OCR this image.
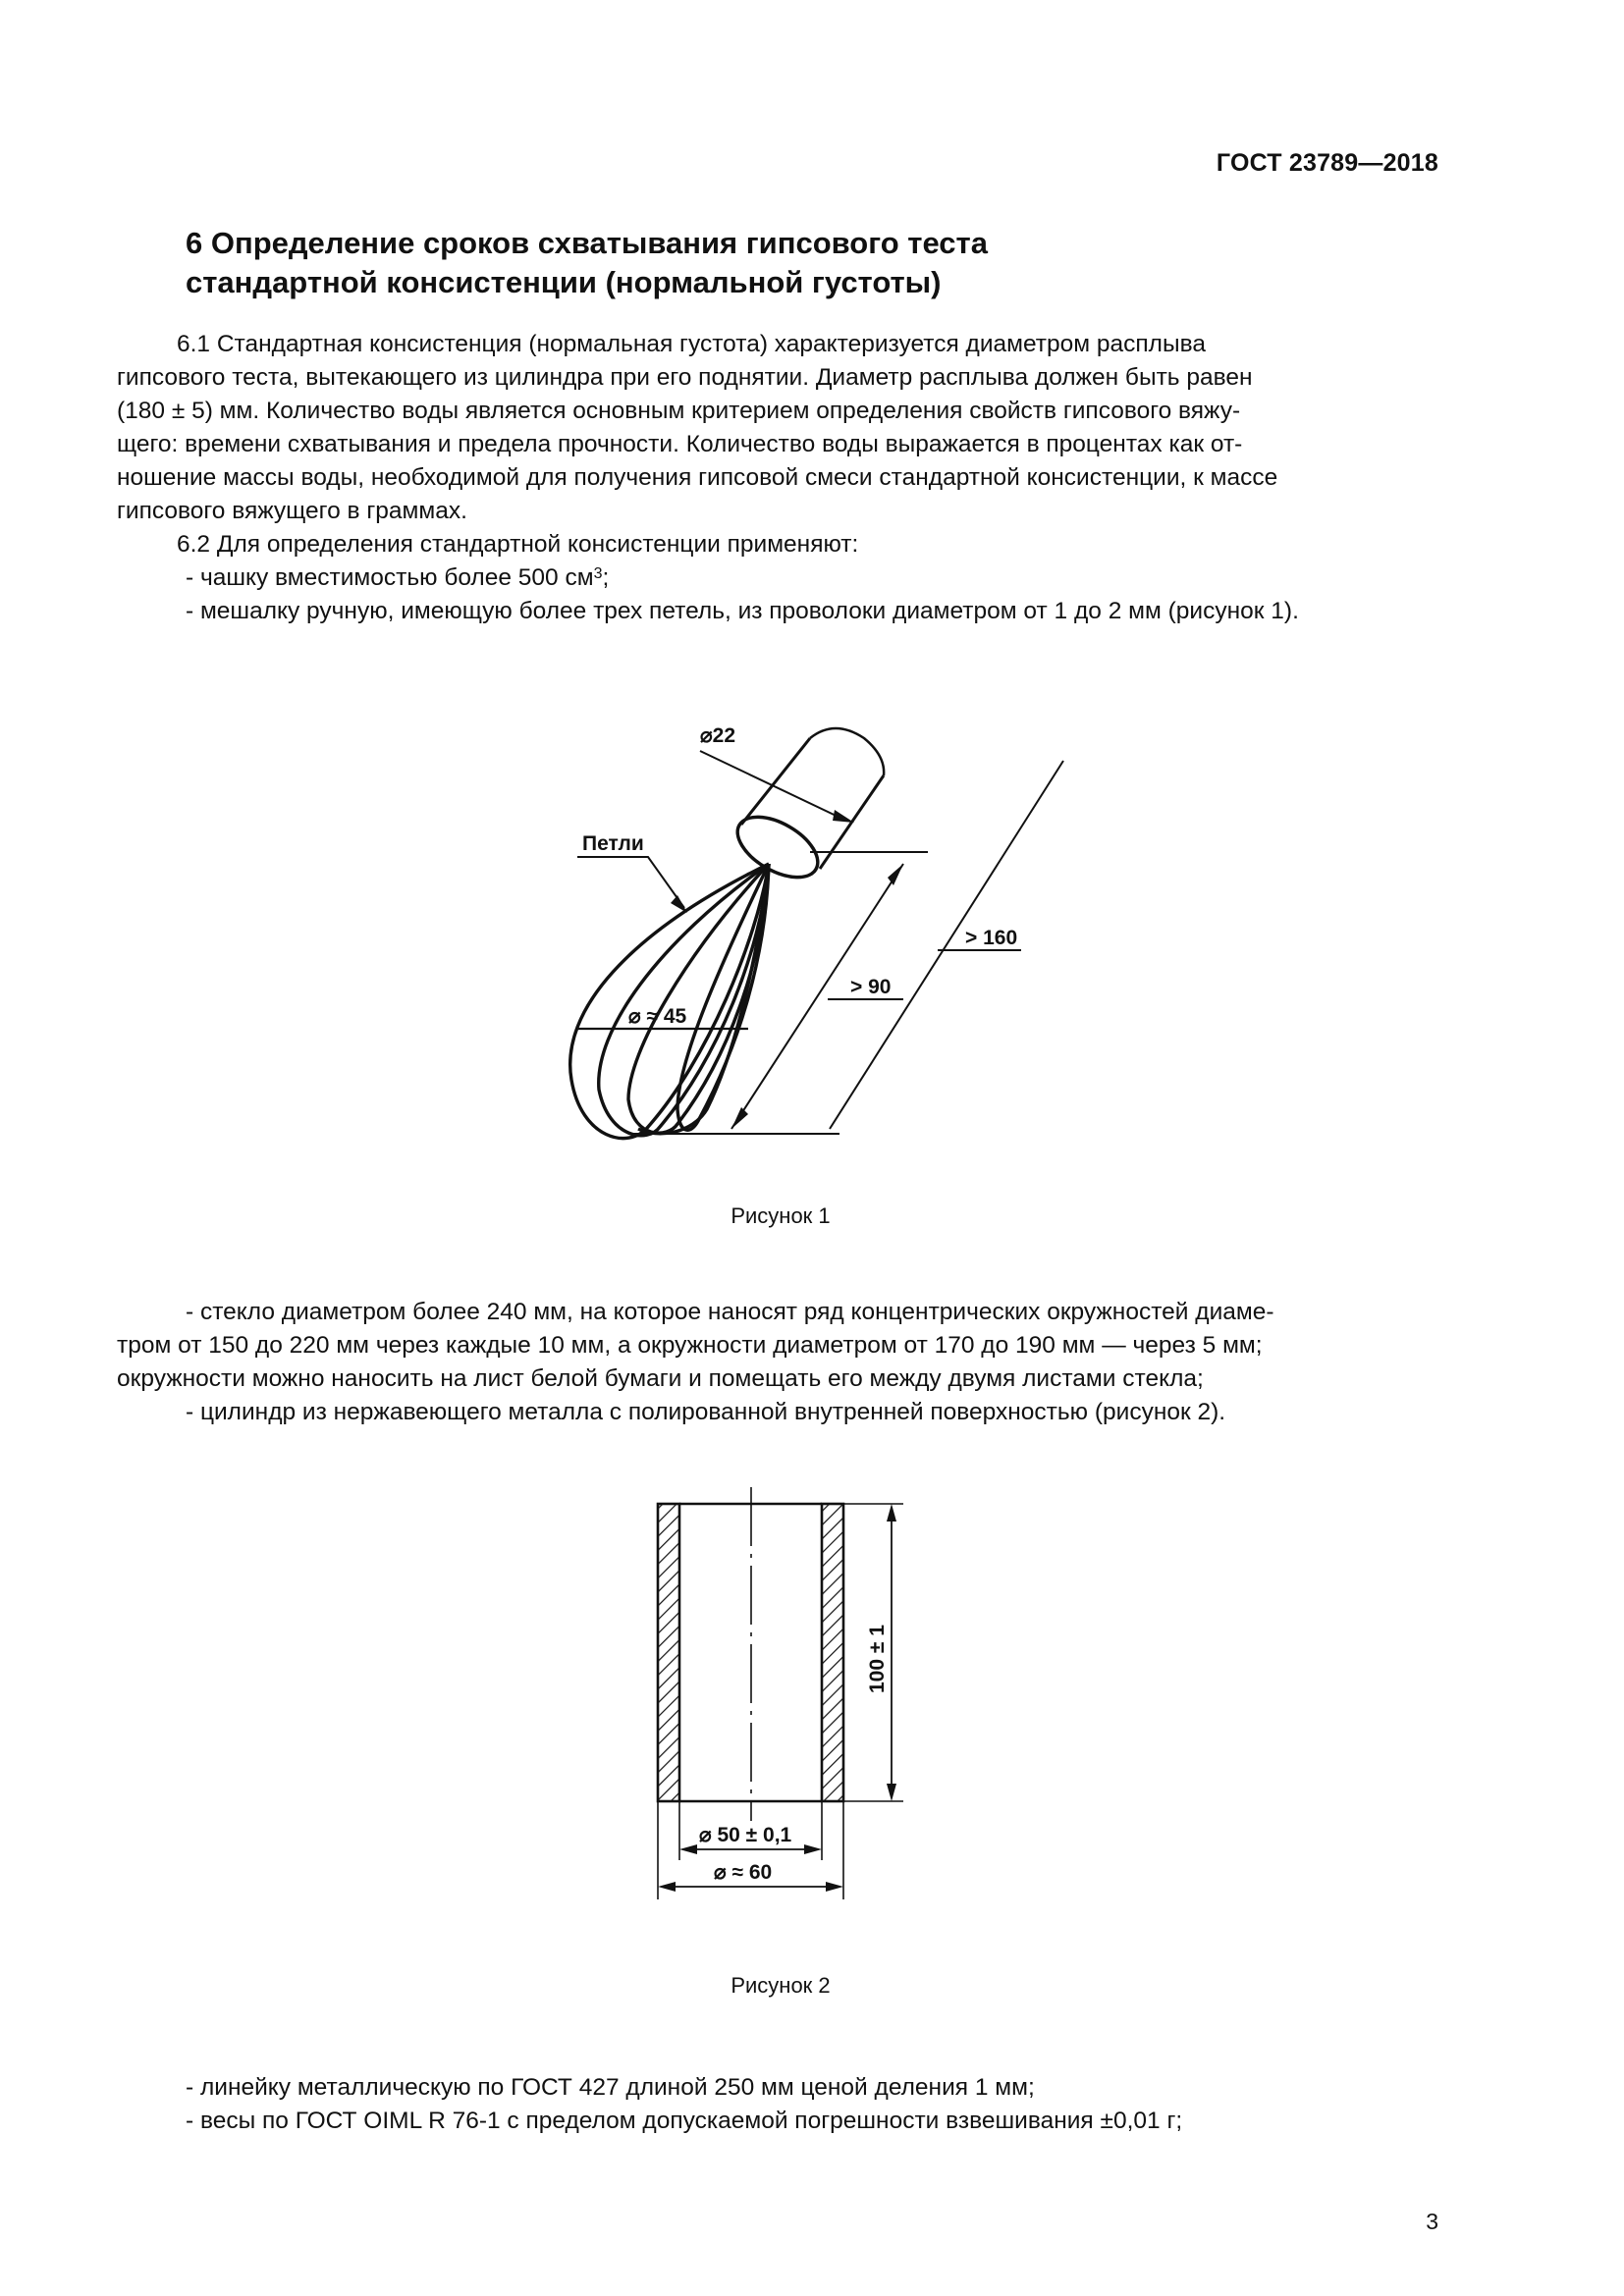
ГОСТ 23789—2018
6 Определение сроков схватывания гипсового теста
стандартной консистенции (нормальной густоты)
6.1 Стандартная консистенция (нормальная густота) характеризуется диаметром расплыва
гипсового теста, вытекающего из цилиндра при его поднятии. Диаметр расплыва должен быть равен
(180 ± 5) мм. Количество воды является основным критерием определения свойств гипсового вяжу-
щего: времени схватывания и предела прочности. Количество воды выражается в процентах как от-
ношение массы воды, необходимой для получения гипсовой смеси стандартной консистенции, к массе
гипсового вяжущего в граммах.
6.2 Для определения стандартной консистенции применяют:
- чашку вместимостью более 500 $см^3$;
- мешалку ручную, имеющую более трех петель, из проволоки диаметром от 1 до 2 мм (рисунок 1).
⌀22
Петли
⌀ ≈ 45
> 90
> 160
100 ± 1
⌀ 50 ± 0,1
⌀ ≈ 60
Рисунок 1
- стекло диаметром более 240 мм, на которое наносят ряд концентрических окружностей диаме-
тром от 150 до 220 мм через каждые 10 мм, а окружности диаметром от 170 до 190 мм — через 5 мм;
окружности можно наносить на лист белой бумаги и помещать его между двумя листами стекла;
- цилиндр из нержавеющего металла с полированной внутренней поверхностью (рисунок 2).
Рисунок 2
- линейку металлическую по ГОСТ 427 длиной 250 мм ценой деления 1 мм;
- весы по ГОСТ OIML R 76-1 с пределом допускаемой погрешности взвешивания ±0,01 г;
3
